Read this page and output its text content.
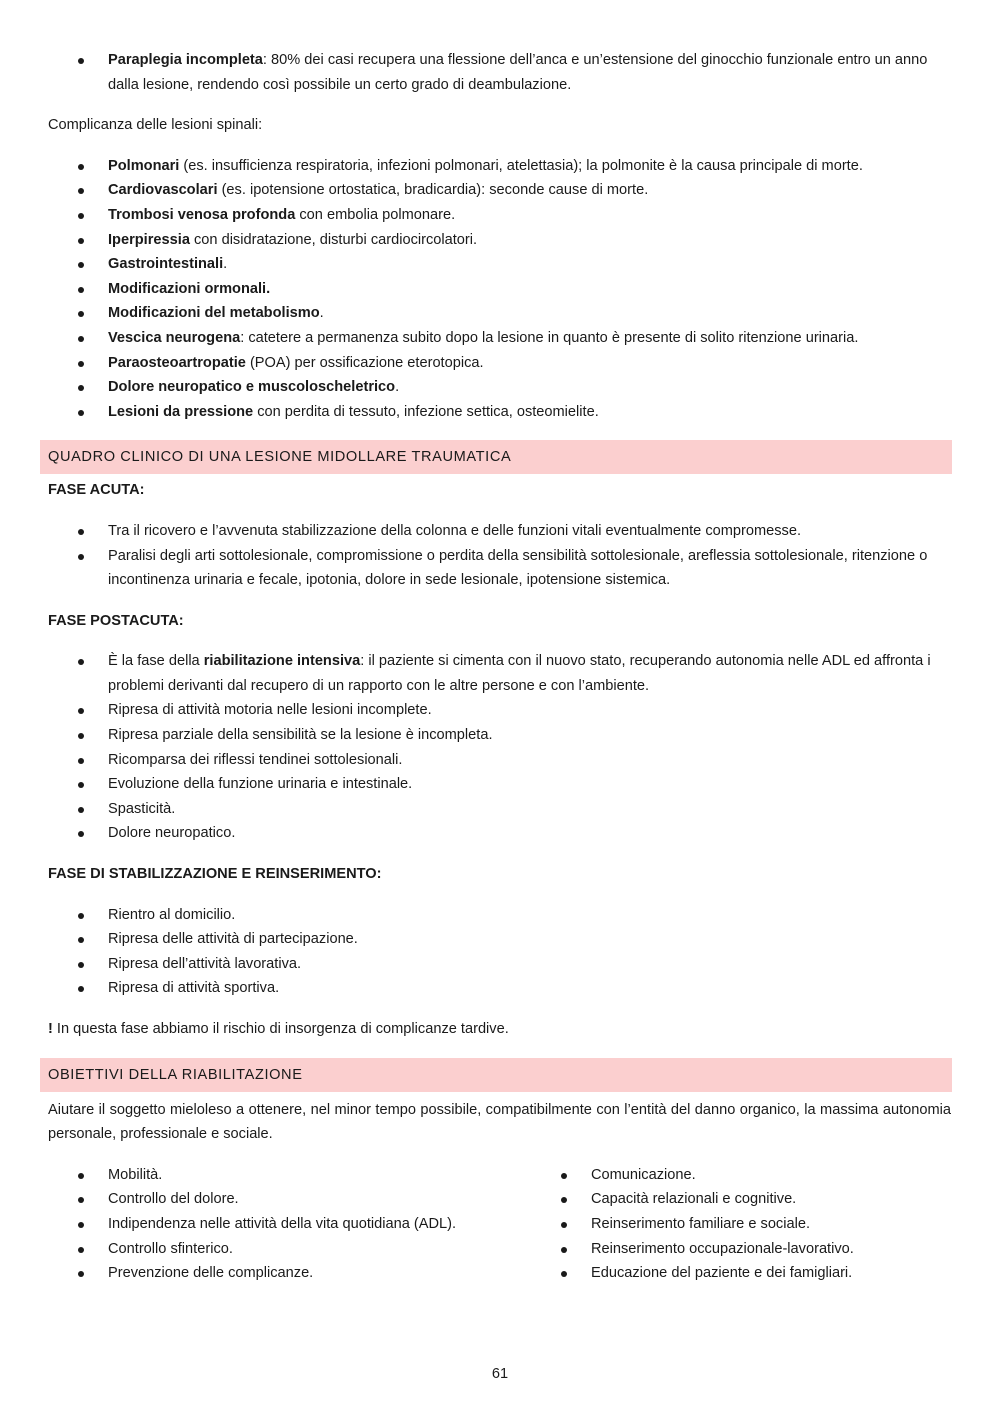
Paraplegia incompleta: 80% dei casi recupera una flessione dell’anca e un’estensione del ginocchio funzionale entro un anno dalla lesione, rendendo così possibile un certo grado di deambulazione.

Complicanza delle lesioni spinali:

Polmonari (es. insufficienza respiratoria, infezioni polmonari, atelettasia); la polmonite è la causa principale di morte.
Cardiovascolari (es. ipotensione ortostatica, bradicardia): seconde cause di morte.
Trombosi venosa profonda con embolia polmonare.
Iperpiressia con disidratazione, disturbi cardiocircolatori.
Gastrointestinali.
Modificazioni ormonali.
Modificazioni del metabolismo.
Vescica neurogena: catetere a permanenza subito dopo la lesione in quanto è presente di solito ritenzione urinaria.
Paraosteoartropatie (POA) per ossificazione eterotopica.
Dolore neuropatico e muscoloscheletrico.
Lesioni da pressione con perdita di tessuto, infezione settica, osteomielite.
QUADRO CLINICO DI UNA LESIONE MIDOLLARE TRAUMATICA

FASE ACUTA:

Tra il ricovero e l’avvenuta stabilizzazione della colonna e delle funzioni vitali eventualmente compromesse.
Paralisi degli arti sottolesionale, compromissione o perdita della sensibilità sottolesionale, areflessia sottolesionale, ritenzione o incontinenza urinaria e fecale, ipotonia, dolore in sede lesionale, ipotensione sistemica.

FASE POSTACUTA:

È la fase della riabilitazione intensiva: il paziente si cimenta con il nuovo stato, recuperando autonomia nelle ADL ed affronta i problemi derivanti dal recupero di un rapporto con le altre persone e con l’ambiente.
Ripresa di attività motoria nelle lesioni incomplete.
Ripresa parziale della sensibilità se la lesione è incompleta.
Ricomparsa dei riflessi tendinei sottolesionali.
Evoluzione della funzione urinaria e intestinale.
Spasticità.
Dolore neuropatico.

FASE DI STABILIZZAZIONE E REINSERIMENTO:

Rientro al domicilio.
Ripresa delle attività di partecipazione.
Ripresa dell’attività lavorativa.
Ripresa di attività sportiva.

! In questa fase abbiamo il rischio di insorgenza di complicanze tardive.

OBIETTIVI DELLA RIABILITAZIONE

Aiutare il soggetto mieloleso a ottenere, nel minor tempo possibile, compatibilmente con l’entità del danno organico, la massima autonomia personale, professionale e sociale.

Mobilità.
Controllo del dolore.
Indipendenza nelle attività della vita quotidiana (ADL).
Controllo sfinterico.
Prevenzione delle complicanze.
Comunicazione.
Capacità relazionali e cognitive.
Reinserimento familiare e sociale.
Reinserimento occupazionale-lavorativo.
Educazione del paziente e dei famigliari.
61
